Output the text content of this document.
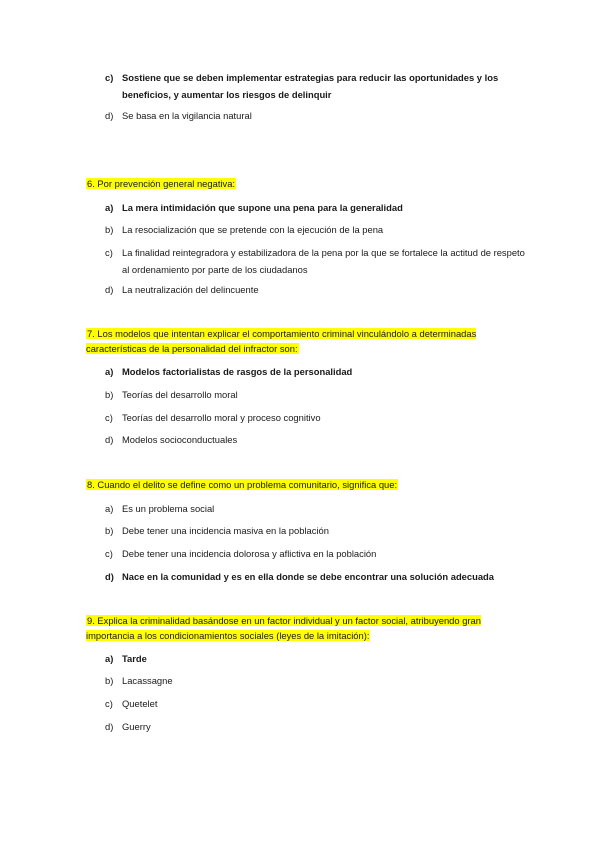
c) Sostiene que se deben implementar estrategias para reducir las oportunidades y los beneficios, y aumentar los riesgos de delinquir
d) Se basa en la vigilancia natural
6. Por prevención general negativa:
a) La mera intimidación que supone una pena para la generalidad
b) La resocialización que se pretende con la ejecución de la pena
c) La finalidad reintegradora y estabilizadora de la pena por la que se fortalece la actitud de respeto al ordenamiento por parte de los ciudadanos
d) La neutralización del delincuente
7. Los modelos que intentan explicar el comportamiento criminal vinculándolo a determinadas características de la personalidad del infractor son:
a) Modelos factorialistas de rasgos de la personalidad
b) Teorías del desarrollo moral
c) Teorías del desarrollo moral y proceso cognitivo
d) Modelos socioconductuales
8. Cuando el delito se define como un problema comunitario, significa que:
a) Es un problema social
b) Debe tener una incidencia masiva en la población
c) Debe tener una incidencia dolorosa y aflictiva en la población
d) Nace en la comunidad y es en ella donde se debe encontrar una solución adecuada
9. Explica la criminalidad basándose en un factor individual y un factor social, atribuyendo gran importancia a los condicionamientos sociales (leyes de la imitación):
a) Tarde
b) Lacassagne
c) Quetelet
d) Guerry
